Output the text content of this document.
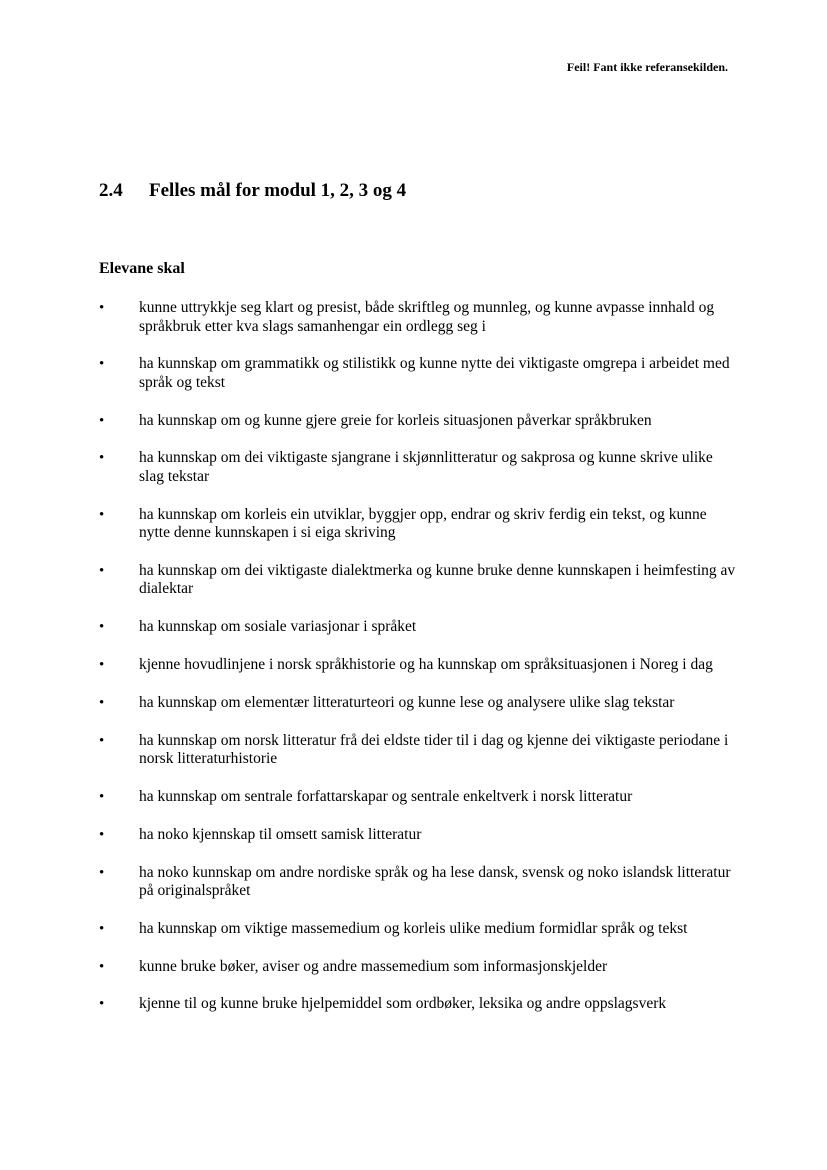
Feil! Fant ikke referansekilden.
2.4 Felles mål for modul 1, 2, 3 og 4
Elevane skal
• kunne uttrykkje seg klart og presist, både skriftleg og munnleg, og kunne avpasse innhald og språkbruk etter kva slags samanhengar ein ordlegg seg i
• ha kunnskap om grammatikk og stilistikk og kunne nytte dei viktigaste omgrepa i arbeidet med språk og tekst
• ha kunnskap om og kunne gjere greie for korleis situasjonen påverkar språkbruken
• ha kunnskap om dei viktigaste sjangrane i skjønnlitteratur og sakprosa og kunne skrive ulike slag tekstar
• ha kunnskap om korleis ein utviklar, byggjer opp, endrar og skriv ferdig ein tekst, og kunne nytte denne kunnskapen i si eiga skriving
• ha kunnskap om dei viktigaste dialektmerka og kunne bruke denne kunnskapen i heimfesting av dialektar
• ha kunnskap om sosiale variasjonar i språket
• kjenne hovudlinjene i norsk språkhistorie og ha kunnskap om språksituasjonen i Noreg i dag
• ha kunnskap om elementær litteraturteori og kunne lese og analysere ulike slag tekstar
• ha kunnskap om norsk litteratur frå dei eldste tider til i dag og kjenne dei viktigaste periodane i norsk litteraturhistorie
• ha kunnskap om sentrale forfattarskapar og sentrale enkeltverk i norsk litteratur
• ha noko kjennskap til omsett samisk litteratur
• ha noko kunnskap om andre nordiske språk og ha lese dansk, svensk og noko islandsk litteratur på originalspråket
• ha kunnskap om viktige massemedium og korleis ulike medium formidlar språk og tekst
• kunne bruke bøker, aviser og andre massemedium som informasjonskjelder
• kjenne til og kunne bruke hjelpemiddel som ordbøker, leksika og andre oppslagsverk
